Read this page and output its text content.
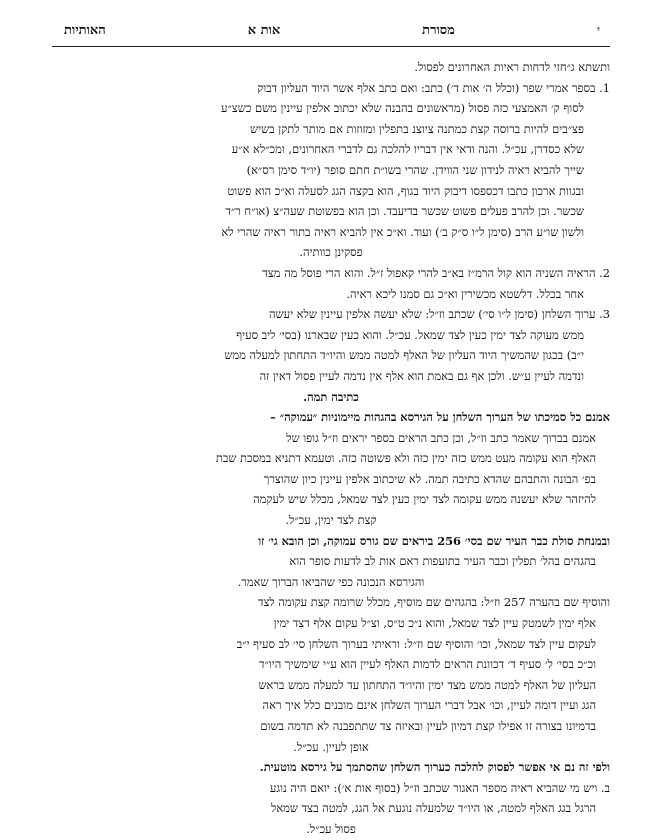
י
מסורת
אות א
האותיות
ותשתא ג״חזי לדחות ראיות האחרונים לפסול.
1. בספר אמרי שפר (וכלל ה׳ אות ד׳) כתב: ואם כתב אלף אשר היוד העליון דבוק
לסוף ק׳ האמצעי כזה פסול (מראשונים בהבנה שלא יכתוב אלפין עיינין משם כשצ״ע
פצ״בים להיות ברוסה קצת כמתנה ציוצנ בתפלין ומזוזות אם מותר לתקן בשיש
שלא כסדרן, עכ״ל. והנה ודאי אין דבריו להלכה גם לדברי האחרונים, ומכ״לא א״ע
שייך להביא ראיה לנידון שני הווידן. שהרי בשו״ת חתם סופר (יו״ד סימן רס״א)
ובגוות ארכון כתבו דכספסו דיבוק היוד בגוף, הוא בקצה הגג לסעלה וא״כ הוא פשוט
שכשר. וכן להרב פעלים פשוט שכשר בדיעבד. וכן הוא בפשוטת שעה״צ (או״ח ר״ד
ולשון שו״ע הרב (סימן ל״ו ס״ק ב׳) ועוד. וא״כ אין להביא ראיה בתור ראיה שהרי לא
פסקינן כוותיה.
2. הראיה השניה הוא קול הרמ״ז בא״ב להרי קאפול ז״ל. והוא הרי פוסל מה מצד
אחר בכלל. דלשטא מכשירין וא״כ גם סמנו ליכא ראיה.
3. ערוך השלחן (סימן ל״ו סי׳) שכתב וז״ל: שלא יעשה אלפין עיינין שלא יעשה
ממש מעוקה לצד ימין כעין לצד שמאל. עכ״ל. והוא כעין שבארנו (בסי׳ ליב סעיף
י״ב) בכגון שהמשיך היוד העליון של האלף למטה ממש והיו״ד התחתון למעלה ממש
ונדמה לעיין ע״ש. ולכן אף גם באמת הוא אלף אין נדמה לעיין פסול דאין זה
כתיבה תמה.
אמנם כל סמיכתו של הערוך השלחן על הגירסא בהגהות מיימוניות ״עמוקה״ –
אמנם בברוך שאמר כתב וז״ל, וכן כתב הראים בספר יראים וז״ל גופו של
האלף הוא עקומה מעט ממש כזה ימין כזה ולא פשוטה כזה. וטעמא דתניא במסכת שבת
בפ׳ הבונה והתבהם שהדא כתיבה תמה. לא שיכתוב אלפין עיינין כיון שהוצרך
להיזהר שלא יעשנה ממש עקומה לצד ימין כעין לצד שמאל, מכלל שיש לעקמה
קצת לצד ימין, עכ״ל.
ובמנחת סולת כבר העיר שם בסי׳ 256 ביראים שם גורס עמוקה, וכן הובא גי׳ זו
בהגהים בהל׳ תפלין וכבר העיר בתועפות ראם אות לב לדעות סופר הוא
והגירסא הנכונה כפי שהביאו הברוך שאמר.
והוסיף שם בהערה 257 וז״ל: בהגהים שם מוסיף, מכלל שרומה קצת עקומה לצד
אלף ימין לשמטק עיין לצד שמאל, והוא נ״כ ט״ס, וצ״ל עקום אלף דצד ימין
לעקום עיין לצד שמאל, וכו׳ והוסיף שם וז״ל: וראיתי בערוך השלחן סי׳ לב סעיף י״ב
וכ״כ בסי׳ ל׳ סעיף ד׳ דכוונת הראים לדמות האלף לעיין הוא ע״י שימשיך היו״ד
העליון של האלף למטה ממש מצד ימין והיו״ד התחתון עד למעלה ממש בראש
הגג ועיין דומה לעיין, וכו׳ אבל דברי הערוך השלחן אינם מובנים כלל איך ראה
בדמיונו בצורה זו אפילו קצת דמיון לעיין ובאיזה צד שתתפבנה לא תדמה בשום
אופן לעיין. עכ״ל.
ולפי זה נם אי אפשר לפסוק להלכה כערוך השלחן שהסתמך על גירסא מוטעית.
ב. ויש מי שהביא ראיה מספר האגור שכתב וז״ל (בסוף אות א׳): יואם היה נוגע
הרגל בגג האלף למטה, או היו״ד שלמעלה נוגעת אל הגג, למטה בצד שמאל
פסול עכ״ל.
